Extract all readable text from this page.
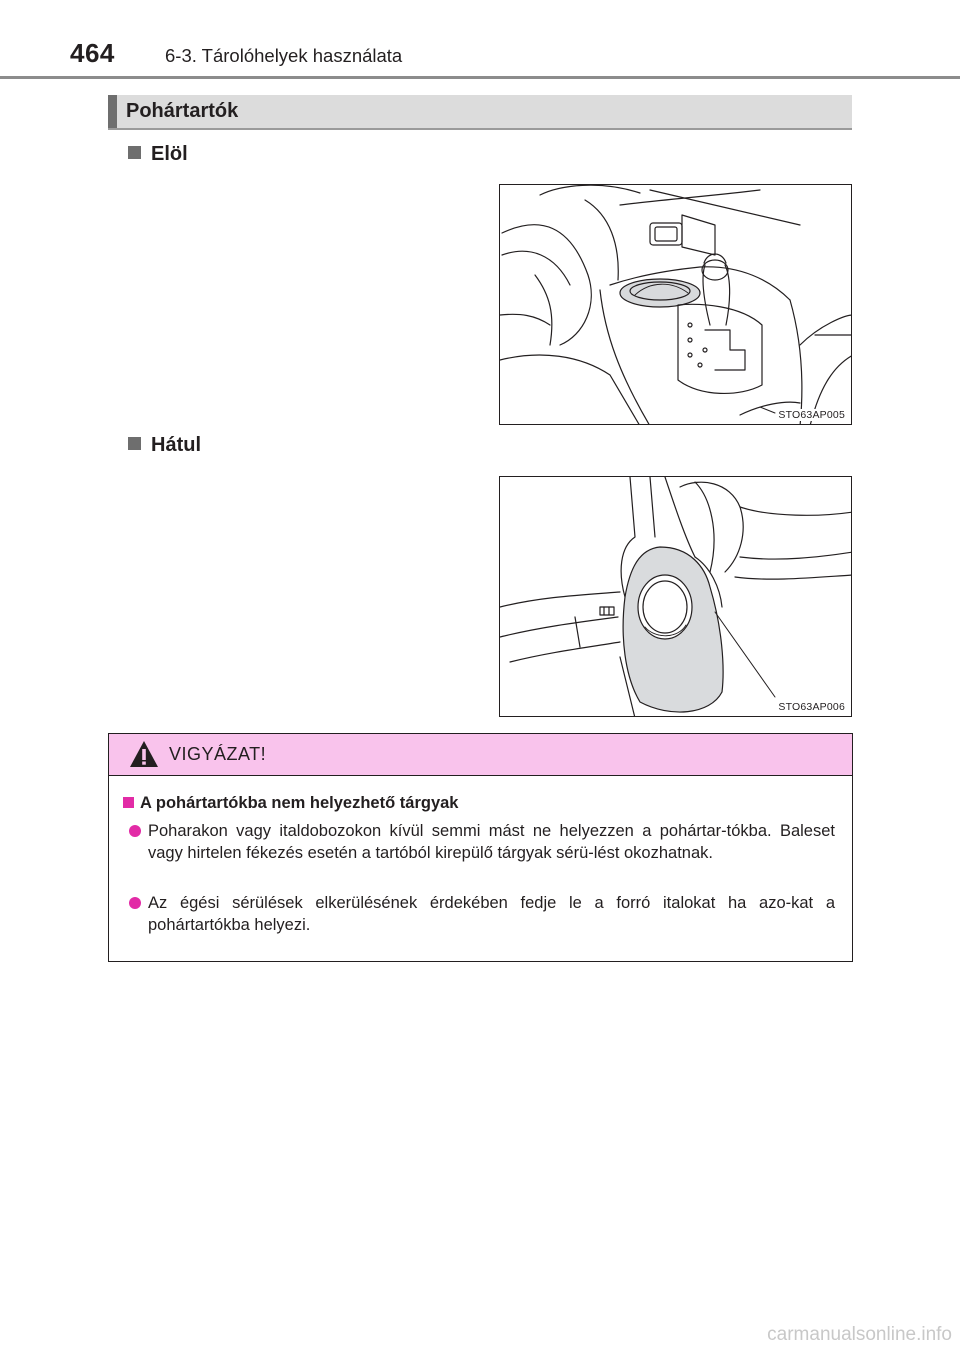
464	6-3. Tárolóhelyek használata
Pohártartók
Elöl
STO63AP005
Hátul
STO63AP006
VIGYÁZAT!
A pohártartókba nem helyezhető tárgyak
Poharakon vagy italdobozokon kívül semmi mást ne helyezzen a pohártar-tókba. Baleset vagy hirtelen fékezés esetén a tartóból kirepülő tárgyak sérü-lést okozhatnak.
Az égési sérülések elkerülésének érdekében fedje le a forró italokat ha azo-kat a pohártartókba helyezi.
carmanualsonline.info
